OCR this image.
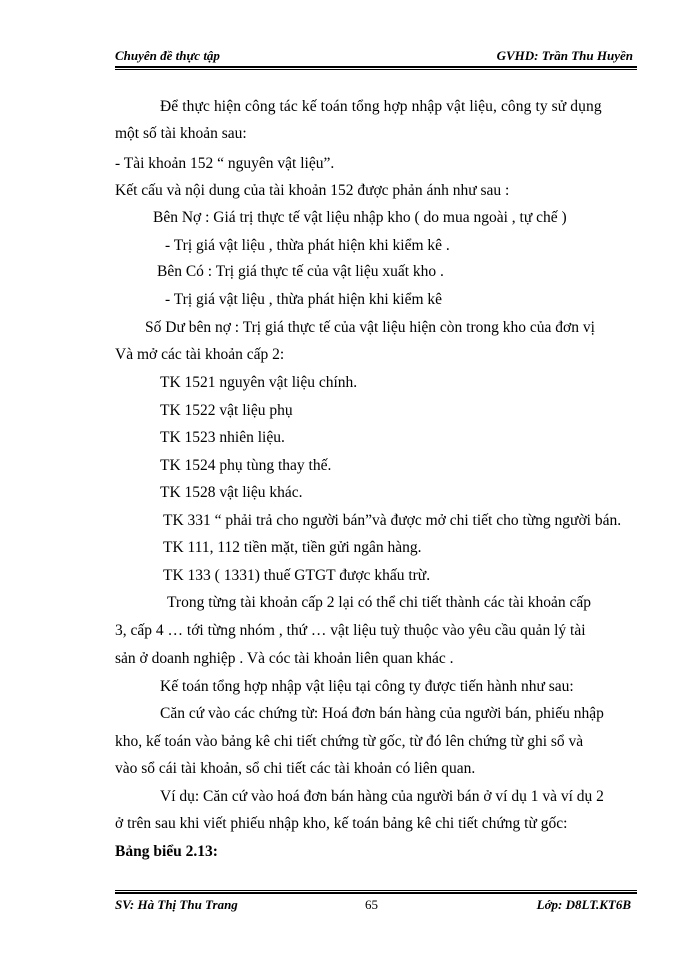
Chuyên đề thực tập	GVHD: Trần Thu Huyền
Để thực hiện công tác kế toán tổng hợp nhập vật liệu, công ty sử dụng
một số tài khoản sau:
- Tài khoản 152 “ nguyên vật liệu”.
Kết cấu và nội dung của tài khoản 152 được phản ánh như sau :
Bên Nợ : Giá trị thực tế vật liệu nhập kho ( do mua ngoài , tự chế )
- Trị giá vật liệu , thừa phát hiện khi kiểm kê .
Bên Có : Trị giá thực tế của vật liệu xuất kho .
- Trị giá vật liệu , thừa phát hiện khi kiểm kê
Số Dư bên nợ : Trị giá thực tế của vật liệu hiện còn trong kho của đơn vị
Và mở các tài khoản cấp 2:
TK 1521 nguyên vật liệu chính.
TK 1522 vật liệu phụ
TK 1523 nhiên liệu.
TK 1524 phụ tùng thay thế.
TK 1528 vật liệu khác.
TK 331 “ phải trả cho người bán”và được mở chi tiết cho từng người bán.
TK 111, 112 tiền mặt, tiền gửi ngân hàng.
TK 133 ( 1331) thuế GTGT được khấu trừ.
Trong từng tài khoản cấp 2 lại có thể chi tiết thành các tài khoản cấp
3, cấp 4 … tới từng nhóm , thứ … vật liệu tuỳ thuộc vào yêu cầu quản lý tài
sản ở doanh nghiệp . Và cóc tài khoản liên quan khác .
Kế toán tổng hợp nhập vật liệu tại công ty được tiến hành như sau:
Căn cứ vào các chứng từ: Hoá đơn bán hàng của người bán, phiếu nhập
kho, kế toán vào bảng kê chi tiết chứng từ gốc, từ đó lên chứng từ ghi sổ và
vào sổ cái tài khoản, sổ chi tiết các tài khoản có liên quan.
Ví dụ: Căn cứ vào hoá đơn bán hàng của người bán ở ví dụ 1 và ví dụ 2
ở trên sau khi viết phiếu nhập kho, kế toán bảng kê chi tiết chứng từ gốc:
Bảng biểu 2.13:
SV: Hà Thị Thu Trang	65	Lớp: D8LT.KT6B
